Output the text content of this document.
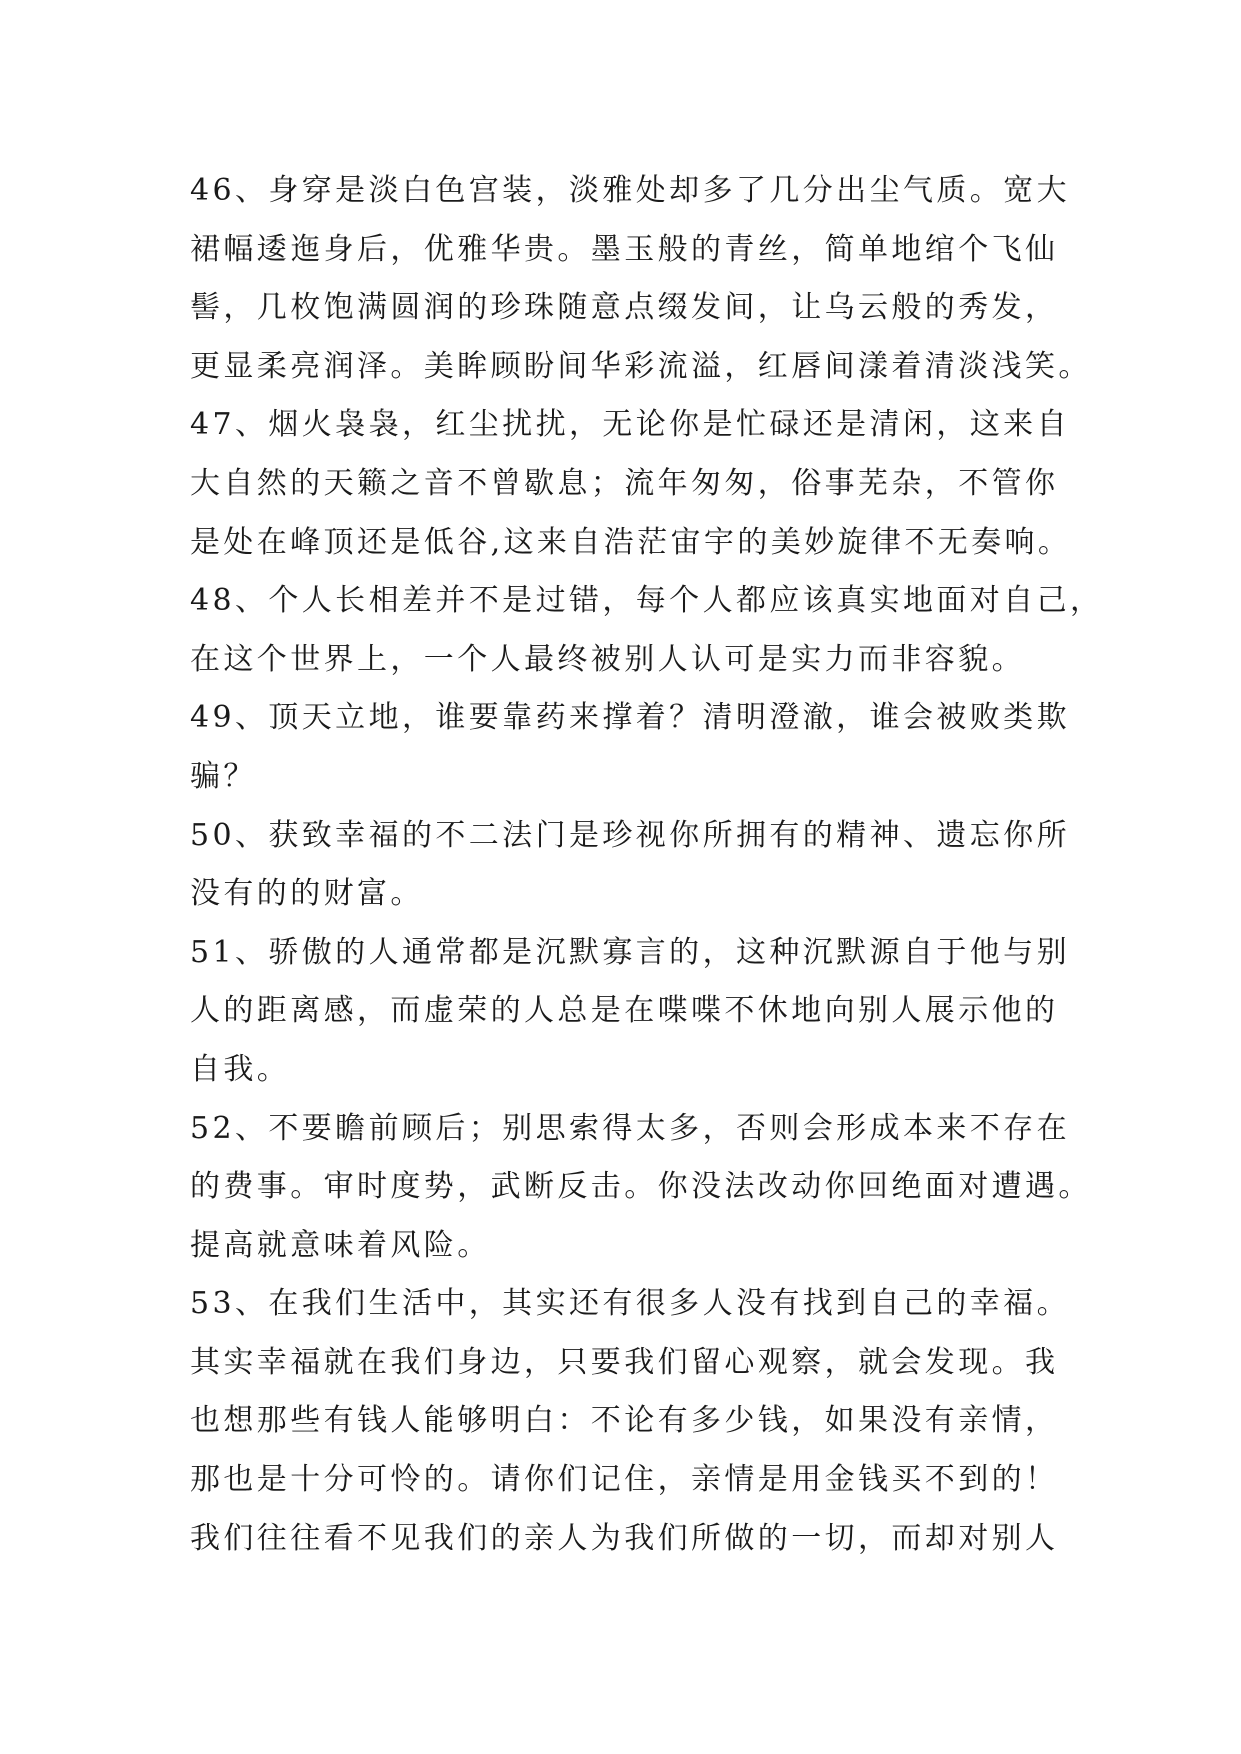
46、身穿是淡白色宫装，淡雅处却多了几分出尘气质。宽大
裙幅逶迤身后，优雅华贵。墨玉般的青丝，简单地绾个飞仙
髻，几枚饱满圆润的珍珠随意点缀发间，让乌云般的秀发，
更显柔亮润泽。美眸顾盼间华彩流溢，红唇间漾着清淡浅笑。
47、烟火袅袅，红尘扰扰，无论你是忙碌还是清闲，这来自
大自然的天籁之音不曾歇息；流年匆匆，俗事芜杂，不管你
是处在峰顶还是低谷,这来自浩茫宙宇的美妙旋律不无奏响。
48、个人长相差并不是过错，每个人都应该真实地面对自己，
在这个世界上，一个人最终被别人认可是实力而非容貌。
49、顶天立地，谁要靠药来撑着？清明澄澈，谁会被败类欺
骗？
50、获致幸福的不二法门是珍视你所拥有的精神、遗忘你所
没有的的财富。
51、骄傲的人通常都是沉默寡言的，这种沉默源自于他与别
人的距离感，而虚荣的人总是在喋喋不休地向别人展示他的
自我。
52、不要瞻前顾后；别思索得太多，否则会形成本来不存在
的费事。审时度势，武断反击。你没法改动你回绝面对遭遇。
提高就意味着风险。
53、在我们生活中，其实还有很多人没有找到自己的幸福。
其实幸福就在我们身边，只要我们留心观察，就会发现。我
也想那些有钱人能够明白：不论有多少钱，如果没有亲情，
那也是十分可怜的。请你们记住，亲情是用金钱买不到的！
我们往往看不见我们的亲人为我们所做的一切，而却对别人
